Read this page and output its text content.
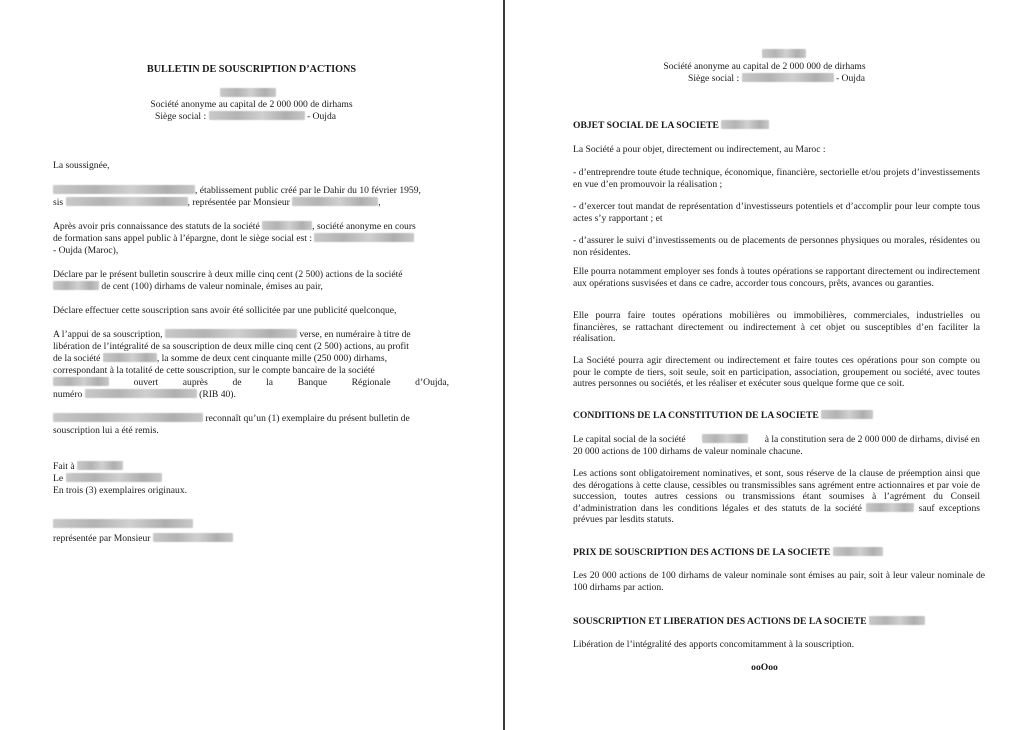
BULLETIN DE SOUSCRIPTION D’ACTIONS
Société anonyme au capital de 2 000 000 de dirhams
Siège social :	- Oujda
La soussignée,
, établissement public créé par le Dahir du 10 février 1959,
sis	, représentée par Monsieur	,
Après avoir pris connaissance des statuts de la société	, société anonyme en cours
de formation sans appel public à l’épargne, dont le siège social est :
- Oujda (Maroc),
Déclare par le présent bulletin souscrire à deux mille cinq cent (2 500) actions de la société
de cent (100) dirhams de valeur nominale, émises au pair,
Déclare effectuer cette souscription sans avoir été sollicitée par une publicité quelconque,
A l’appui de sa souscription,	verse, en numéraire à titre de
libération de l’intégralité de sa souscription de deux mille cinq cent (2 500) actions, au profit
de la société	, la somme de deux cent cinquante mille (250 000) dirhams,
correspondant à la totalité de cette souscription, sur le compte bancaire de la société
ouvert	auprès	de	la	Banque	Régionale	d’Oujda,
numéro	(RIB 40).
reconnaît qu’un (1) exemplaire du présent bulletin de
souscription lui a été remis.
Fait à
Le
En trois (3) exemplaires originaux.
représentée par Monsieur
Société anonyme au capital de 2 000 000 de dirhams
Siège social :	- Oujda
OBJET SOCIAL DE LA SOCIETE
La Société a pour objet, directement ou indirectement, au Maroc :
- d’entreprendre toute étude technique, économique, financière, sectorielle et/ou projets d’investissements en vue d’en promouvoir la réalisation ;
- d’exercer tout mandat de représentation d’investisseurs potentiels et d’accomplir pour leur compte tous actes s’y rapportant ; et
- d’assurer le suivi d’investissements ou de placements de personnes physiques ou morales, résidentes ou non résidentes.
Elle pourra notamment employer ses fonds à toutes opérations se rapportant directement ou indirectement aux opérations susvisées et dans ce cadre, accorder tous concours, prêts, avances ou garanties.
Elle pourra faire toutes opérations mobilières ou immobilières, commerciales, industrielles ou financières, se rattachant directement ou indirectement à cet objet ou susceptibles d’en faciliter la réalisation.
La Société pourra agir directement ou indirectement et faire toutes ces opérations pour son compte ou pour le compte de tiers, soit seule, soit en participation, association, groupement ou société, avec toutes autres personnes ou sociétés, et les réaliser et exécuter sous quelque forme que ce soit.
CONDITIONS DE LA CONSTITUTION DE LA SOCIETE
Le capital social de la société	à la constitution sera de 2 000 000 de dirhams, divisé en
20 000 actions de 100 dirhams de valeur nominale chacune.
Les actions sont obligatoirement nominatives, et sont, sous réserve de la clause de préemption ainsi que des dérogations à cette clause, cessibles ou transmissibles sans agrément entre actionnaires et par voie de succession, toutes autres cessions ou transmissions étant soumises à l’agrément du Conseil d’administration dans les conditions légales et des statuts de la société	sauf exceptions prévues par lesdits statuts.
PRIX DE SOUSCRIPTION DES ACTIONS DE LA SOCIETE
Les 20 000 actions de 100 dirhams de valeur nominale sont émises au pair, soit à leur valeur nominale de 100 dirhams par action.
SOUSCRIPTION ET LIBERATION DES ACTIONS DE LA SOCIETE
Libération de l’intégralité des apports concomitamment à la souscription.
ooOoo
